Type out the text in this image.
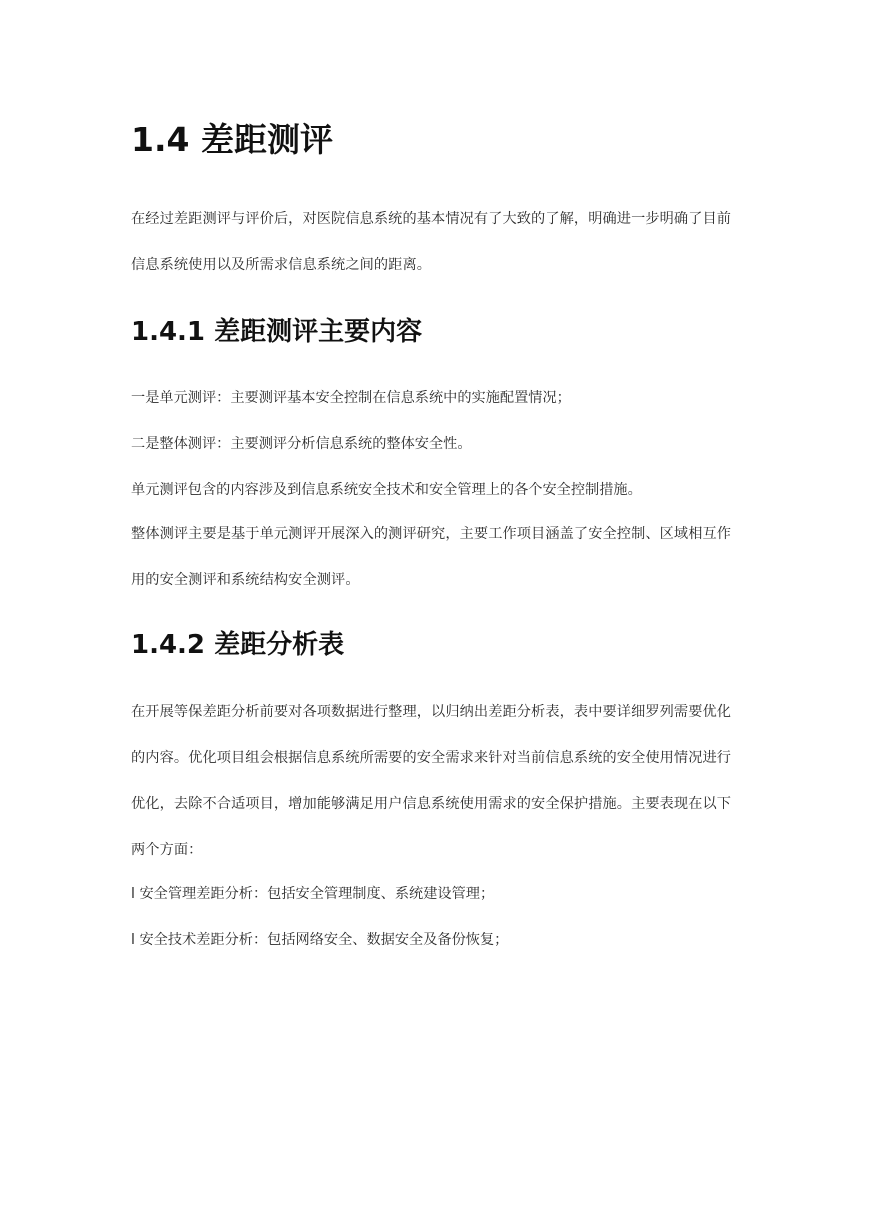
1.4 差距测评
在经过差距测评与评价后，对医院信息系统的基本情况有了大致的了解，明确进一步明确了目前信息系统使用以及所需求信息系统之间的距离。
1.4.1 差距测评主要内容
一是单元测评：主要测评基本安全控制在信息系统中的实施配置情况；
二是整体测评：主要测评分析信息系统的整体安全性。
单元测评包含的内容涉及到信息系统安全技术和安全管理上的各个安全控制措施。
整体测评主要是基于单元测评开展深入的测评研究，主要工作项目涵盖了安全控制、区域相互作用的安全测评和系统结构安全测评。
1.4.2 差距分析表
在开展等保差距分析前要对各项数据进行整理，以归纳出差距分析表，表中要详细罗列需要优化的内容。优化项目组会根据信息系统所需要的安全需求来针对当前信息系统的安全使用情况进行优化，去除不合适项目，增加能够满足用户信息系统使用需求的安全保护措施。主要表现在以下两个方面：
l 安全管理差距分析：包括安全管理制度、系统建设管理；
l 安全技术差距分析：包括网络安全、数据安全及备份恢复；
